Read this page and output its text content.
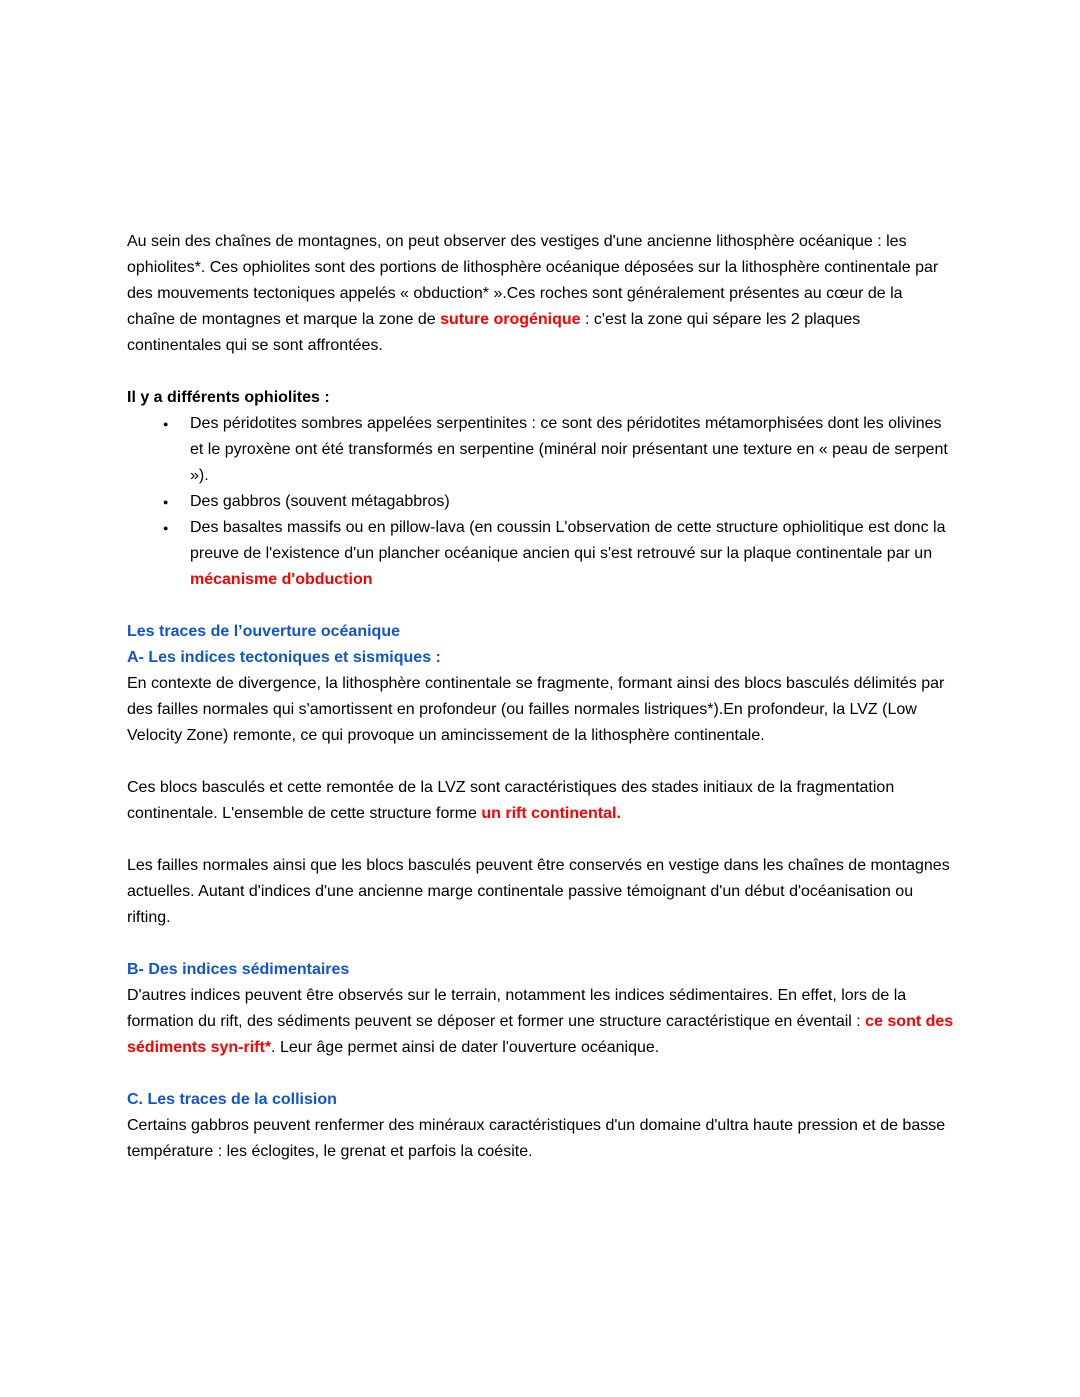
Au sein des chaînes de montagnes, on peut observer des vestiges d'une ancienne lithosphère océanique : les ophiolites*. Ces ophiolites sont des portions de lithosphère océanique déposées sur la lithosphère continentale par des mouvements tectoniques appelés « obduction* ».Ces roches sont généralement présentes au cœur de la chaîne de montagnes et marque la zone de suture orogénique : c'est la zone qui sépare les 2 plaques continentales qui se sont affrontées.

Il y a différents ophiolites :

●	Des péridotites sombres appelées serpentinites : ce sont des péridotites métamorphisées dont les olivines et le pyroxène ont été transformés en serpentine (minéral noir présentant une texture en « peau de serpent »).
●	Des gabbros (souvent métagabbros)
●	Des basaltes massifs ou en pillow-lava (en coussin L'observation de cette structure ophiolitique est donc la preuve de l'existence d'un plancher océanique ancien qui s'est retrouvé sur la plaque continentale par un mécanisme d'obduction

Les traces de l’ouverture océanique

A- Les indices tectoniques et sismiques :

En contexte de divergence, la lithosphère continentale se fragmente, formant ainsi des blocs basculés délimités par des failles normales qui s'amortissent en profondeur (ou failles normales listriques*).En profondeur, la LVZ (Low Velocity Zone) remonte, ce qui provoque un amincissement de la lithosphère continentale.

Ces blocs basculés et cette remontée de la LVZ sont caractéristiques des stades initiaux de la fragmentation continentale. L'ensemble de cette structure forme un rift continental.

Les failles normales ainsi que les blocs basculés peuvent être conservés en vestige dans les chaînes de montagnes actuelles. Autant d'indices d'une ancienne marge continentale passive témoignant d'un début d'océanisation ou rifting.

B- Des indices sédimentaires

D'autres indices peuvent être observés sur le terrain, notamment les indices sédimentaires. En effet, lors de la formation du rift, des sédiments peuvent se déposer et former une structure caractéristique en éventail : ce sont des sédiments syn-rift*. Leur âge permet ainsi de dater l'ouverture océanique.

C. Les traces de la collision

Certains gabbros peuvent renfermer des minéraux caractéristiques d'un domaine d'ultra haute pression et de basse température : les éclogites, le grenat et parfois la coésite.
